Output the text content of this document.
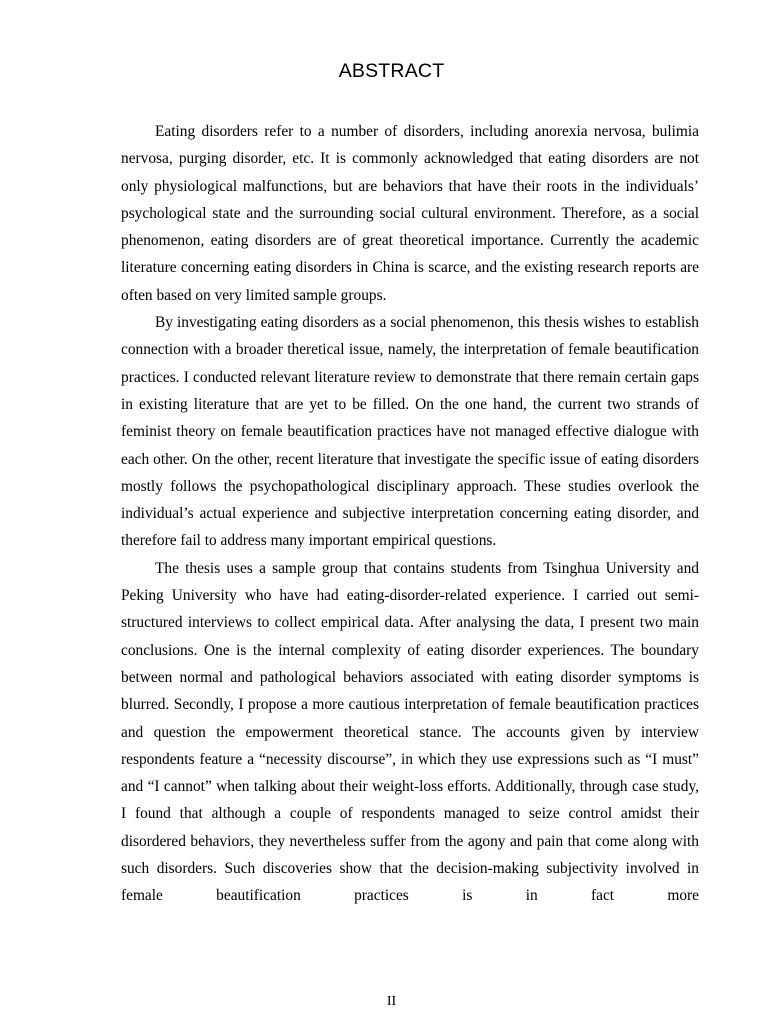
ABSTRACT

Eating disorders refer to a number of disorders, including anorexia nervosa, bulimia nervosa, purging disorder, etc. It is commonly acknowledged that eating disorders are not only physiological malfunctions, but are behaviors that have their roots in the individuals’ psychological state and the surrounding social cultural environment. Therefore, as a social phenomenon, eating disorders are of great theoretical importance. Currently the academic literature concerning eating disorders in China is scarce, and the existing research reports are often based on very limited sample groups.

By investigating eating disorders as a social phenomenon, this thesis wishes to establish connection with a broader theretical issue, namely, the interpretation of female beautification practices. I conducted relevant literature review to demonstrate that there remain certain gaps in existing literature that are yet to be filled. On the one hand, the current two strands of feminist theory on female beautification practices have not managed effective dialogue with each other. On the other, recent literature that investigate the specific issue of eating disorders mostly follows the psychopathological disciplinary approach. These studies overlook the individual’s actual experience and subjective interpretation concerning eating disorder, and therefore fail to address many important empirical questions.

The thesis uses a sample group that contains students from Tsinghua University and Peking University who have had eating-disorder-related experience. I carried out semi-structured interviews to collect empirical data. After analysing the data, I present two main conclusions. One is the internal complexity of eating disorder experiences. The boundary between normal and pathological behaviors associated with eating disorder symptoms is blurred. Secondly, I propose a more cautious interpretation of female beautification practices and question the empowerment theoretical stance. The accounts given by interview respondents feature a “necessity discourse”, in which they use expressions such as “I must” and “I cannot” when talking about their weight-loss efforts. Additionally, through case study, I found that although a couple of respondents managed to seize control amidst their disordered behaviors, they nevertheless suffer from the agony and pain that come along with such disorders. Such discoveries show that the decision-making subjectivity involved in female beautification practices is in fact more

II
